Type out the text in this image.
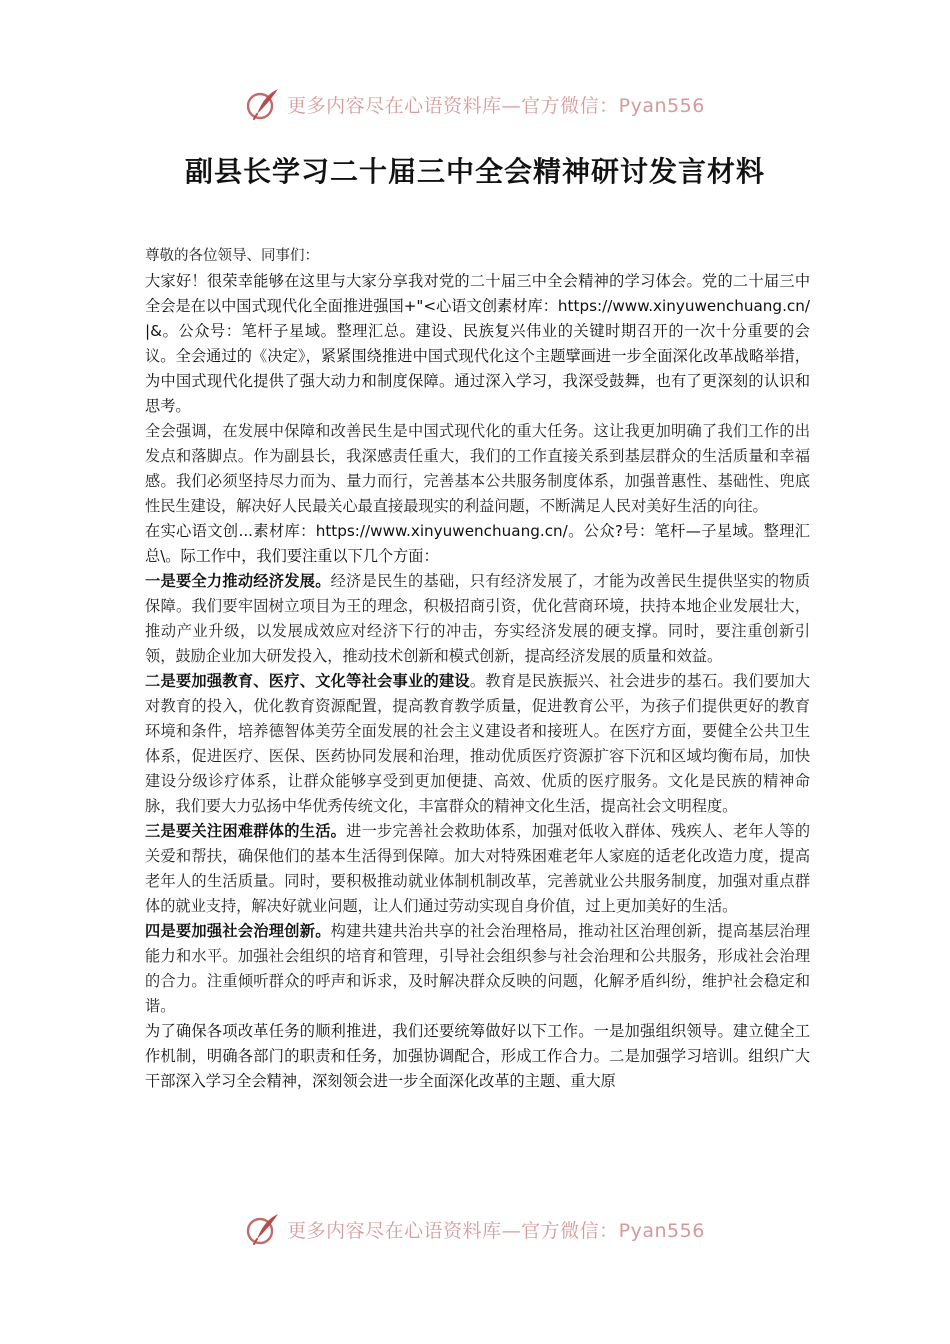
更多内容尽在心语资料库—官方微信：Pyan556
副县长学习二十届三中全会精神研讨发言材料

尊敬的各位领导、同事们：

大家好！很荣幸能够在这里与大家分享我对党的二十届三中全会精神的学习体会。党的二十届三中全会是在以中国式现代化全面推进强国+"<心语文创素材库：https://www.xinyuwenchuang.cn/|&。公众号：笔杆子星域。整理汇总。建设、民族复兴伟业的关键时期召开的一次十分重要的会议。全会通过的《决定》，紧紧围绕推进中国式现代化这个主题擘画进一步全面深化改革战略举措，为中国式现代化提供了强大动力和制度保障。通过深入学习，我深受鼓舞，也有了更深刻的认识和思考。

全会强调，在发展中保障和改善民生是中国式现代化的重大任务。这让我更加明确了我们工作的出发点和落脚点。作为副县长，我深感责任重大，我们的工作直接关系到基层群众的生活质量和幸福感。我们必须坚持尽力而为、量力而行，完善基本公共服务制度体系，加强普惠性、基础性、兜底性民生建设，解决好人民最关心最直接最现实的利益问题，不断满足人民对美好生活的向往。

在实心语文创...素材库：https://www.xinyuwenchuang.cn/。公众?号：笔杆—子星域。整理汇总\。际工作中，我们要注重以下几个方面：

一是要全力推动经济发展。经济是民生的基础，只有经济发展了，才能为改善民生提供坚实的物质保障。我们要牢固树立项目为王的理念，积极招商引资，优化营商环境，扶持本地企业发展壮大，推动产业升级，以发展成效应对经济下行的冲击，夯实经济发展的硬支撑。同时，要注重创新引领，鼓励企业加大研发投入，推动技术创新和模式创新，提高经济发展的质量和效益。

二是要加强教育、医疗、文化等社会事业的建设。教育是民族振兴、社会进步的基石。我们要加大对教育的投入，优化教育资源配置，提高教育教学质量，促进教育公平，为孩子们提供更好的教育环境和条件，培养德智体美劳全面发展的社会主义建设者和接班人。在医疗方面，要健全公共卫生体系，促进医疗、医保、医药协同发展和治理，推动优质医疗资源扩容下沉和区域均衡布局，加快建设分级诊疗体系，让群众能够享受到更加便捷、高效、优质的医疗服务。文化是民族的精神命脉，我们要大力弘扬中华优秀传统文化，丰富群众的精神文化生活，提高社会文明程度。

三是要关注困难群体的生活。进一步完善社会救助体系，加强对低收入群体、残疾人、老年人等的关爱和帮扶，确保他们的基本生活得到保障。加大对特殊困难老年人家庭的适老化改造力度，提高老年人的生活质量。同时，要积极推动就业体制机制改革，完善就业公共服务制度，加强对重点群体的就业支持，解决好就业问题，让人们通过劳动实现自身价值，过上更加美好的生活。

四是要加强社会治理创新。构建共建共治共享的社会治理格局，推动社区治理创新，提高基层治理能力和水平。加强社会组织的培育和管理，引导社会组织参与社会治理和公共服务，形成社会治理的合力。注重倾听群众的呼声和诉求，及时解决群众反映的问题，化解矛盾纠纷，维护社会稳定和谐。

为了确保各项改革任务的顺利推进，我们还要统筹做好以下工作。一是加强组织领导。建立健全工作机制，明确各部门的职责和任务，加强协调配合，形成工作合力。二是加强学习培训。组织广大干部深入学习全会精神，深刻领会进一步全面深化改革的主题、重大原

更多内容尽在心语资料库—官方微信：Pyan556
